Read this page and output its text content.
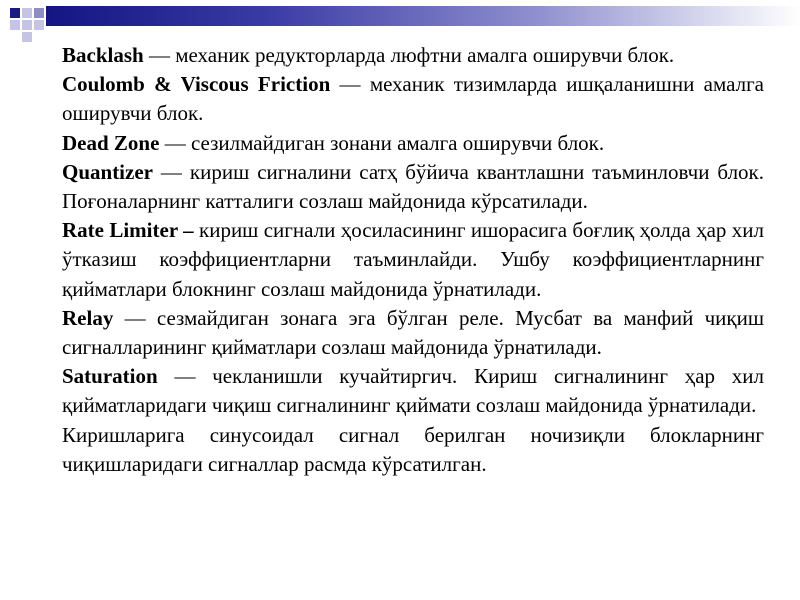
Backlash — механик редукторларда люфтни амалга оширувчи блок.

Coulomb & Viscous Friction — механик тизимларда ишқаланишни амалга оширувчи блок.

Dead Zone — сезилмайдиган зонани амалга оширувчи блок.

Quantizer — кириш сигналини сатҳ бўйича квантлашни таъминловчи блок. Поғоналарнинг катталиги созлаш майдонида кўрсатилади.

Rate Limiter – кириш сигнали ҳосиласининг ишорасига боғлиқ ҳолда ҳар хил ўтказиш коэффициентларни таъминлайди. Ушбу коэффициентларнинг қийматлари блокнинг созлаш майдонида ўрнатилади.

Relay — сезмайдиган зонага эга бўлган реле. Мусбат ва манфий чиқиш сигналларининг қийматлари созлаш майдонида ўрнатилади.

Saturation — чекланишли кучайтиргич. Кириш сигналининг ҳар хил қийматларидаги чиқиш сигналининг қиймати созлаш майдонида ўрнатилади.

Киришларига синусоидал сигнал берилган ночизиқли блокларнинг чиқишларидаги сигналлар расмда кўрсатилган.
